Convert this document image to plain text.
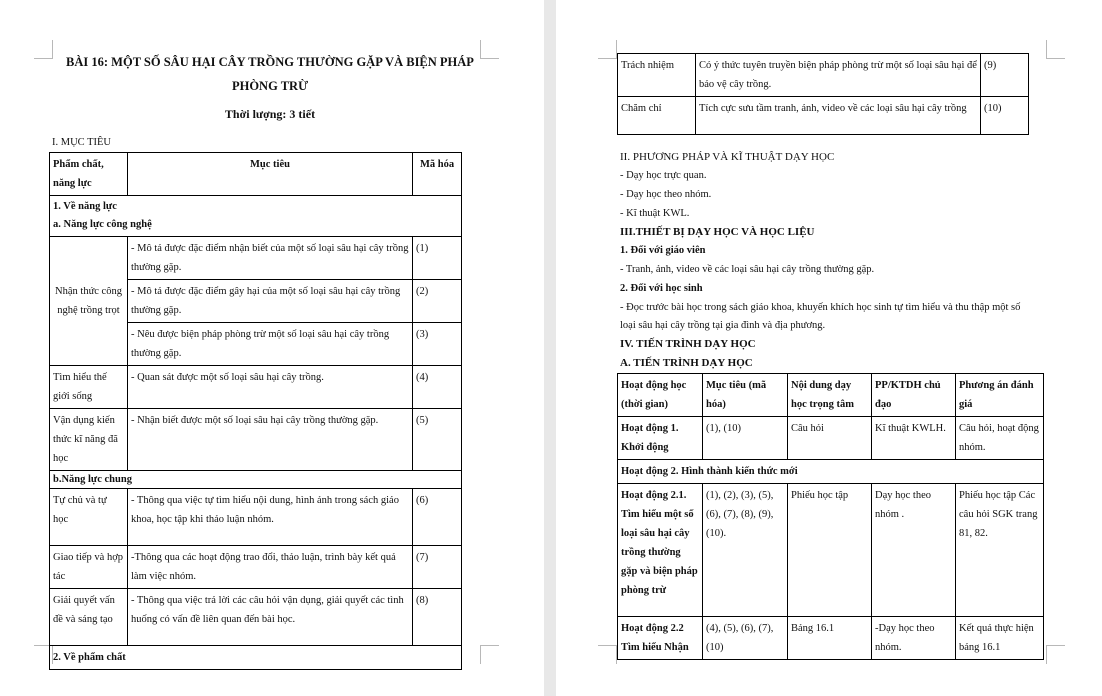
BÀI 16: MỘT SỐ SÂU HẠI CÂY TRỒNG THƯỜNG GẶP VÀ BIỆN PHÁP PHÒNG TRỪ
Thời lượng: 3 tiết
I. MỤC TIÊU
Phẩm chất, năng lực	Mục tiêu	Mã hóa
1. Về năng lực		
a. Năng lực công nghệ		
Nhận thức công nghệ trồng trọt	- Mô tả được đặc điểm nhận biết của một số loại sâu hại cây trồng thường gặp.	(1)
	- Mô tả được đặc điểm gây hại của một số loại sâu hại cây trồng thường gặp.	(2)
	- Nêu được biện pháp phòng trừ một số loại sâu hại cây trồng thường gặp.	(3)
Tìm hiểu thế giới sống	- Quan sát được một số loại sâu hại cây trồng.	(4)
Vận dụng kiến thức kĩ năng đã học	- Nhận biết được một số loại sâu hại cây trồng thường gặp.	(5)
b.Năng lực chung		
Tự chủ và tự học	- Thông qua việc tự tìm hiểu nội dung, hình ảnh trong sách giáo khoa, học tập khi thảo luận nhóm.	(6)
Giao tiếp và hợp tác	-Thông qua các hoạt động trao đổi, thảo luận, trình bày kết quả làm việc nhóm.	(7)
Giải quyết vấn đề và sáng tạo	- Thông qua việc trả lời các câu hỏi vận dụng, giải quyết các tình huống có vấn đề liên quan đến bài học.	(8)
2. Về phẩm chất		
Trách nhiệm	Có ý thức tuyên truyền biện pháp phòng trừ một số loại sâu hại để bảo vệ cây trồng.	(9)
Chăm chỉ	Tích cực sưu tầm tranh, ảnh, video về các loại sâu hại cây trồng	(10)
II. PHƯƠNG PHÁP VÀ KĨ THUẬT DẠY HỌC
- Dạy học trực quan.
- Dạy học theo nhóm.
- Kĩ thuật KWL.
III.THIẾT BỊ DẠY HỌC VÀ HỌC LIỆU
1. Đối với giáo viên
- Tranh, ảnh, video về các loại sâu hại cây trồng thường gặp.
2. Đối với học sinh
- Đọc trước bài học trong sách giáo khoa, khuyến khích học sinh tự tìm hiểu và thu thập một số
loại sâu hại cây trồng tại gia đình và địa phương.
IV. TIẾN TRÌNH DẠY HỌC
A. TIẾN TRÌNH DẠY HỌC
Hoạt động học (thời gian)	Mục tiêu (mã hóa)	Nội dung dạy học trọng tâm	PP/KTDH chủ đạo	Phương án đánh giá
Hoạt động 1. Khởi động	(1), (10)	Câu hỏi	Kĩ thuật KWLH.	Câu hỏi, hoạt động nhóm.
Hoạt động 2. Hình thành kiến thức mới				
Hoạt động 2.1. Tìm hiểu một số loại sâu hại cây trồng thường gặp và biện pháp phòng trừ	(1), (2), (3), (5), (6), (7), (8), (9), (10).	Phiếu học tập	Dạy học theo nhóm .	Phiếu học tập Các câu hỏi SGK trang 81, 82.
Hoạt động 2.2 Tìm hiểu Nhận	(4), (5), (6), (7), (10)	Bảng 16.1	-Dạy học theo nhóm.	Kết quả thực hiện bảng 16.1
